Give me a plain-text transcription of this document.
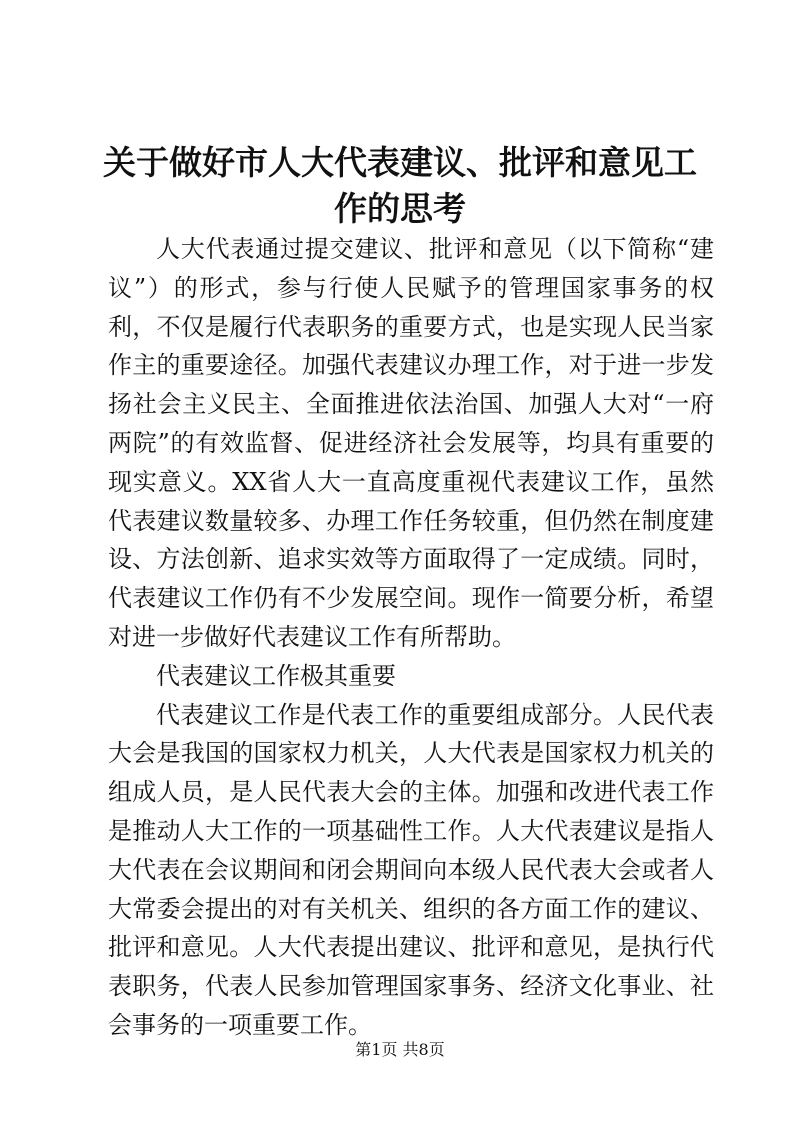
关于做好市人大代表建议、批评和意见工作的思考

人大代表通过提交建议、批评和意见（以下简称“建议”）的形式，参与行使人民赋予的管理国家事务的权利，不仅是履行代表职务的重要方式，也是实现人民当家作主的重要途径。加强代表建议办理工作，对于进一步发扬社会主义民主、全面推进依法治国、加强人大对“一府两院”的有效监督、促进经济社会发展等，均具有重要的现实意义。XX省人大一直高度重视代表建议工作，虽然代表建议数量较多、办理工作任务较重，但仍然在制度建设、方法创新、追求实效等方面取得了一定成绩。同时，代表建议工作仍有不少发展空间。现作一简要分析，希望对进一步做好代表建议工作有所帮助。

代表建议工作极其重要

代表建议工作是代表工作的重要组成部分。人民代表大会是我国的国家权力机关，人大代表是国家权力机关的组成人员，是人民代表大会的主体。加强和改进代表工作是推动人大工作的一项基础性工作。人大代表建议是指人大代表在会议期间和闭会期间向本级人民代表大会或者人大常委会提出的对有关机关、组织的各方面工作的建议、批评和意见。人大代表提出建议、批评和意见，是执行代表职务，代表人民参加管理国家事务、经济文化事业、社会事务的一项重要工作。

第1页 共8页
